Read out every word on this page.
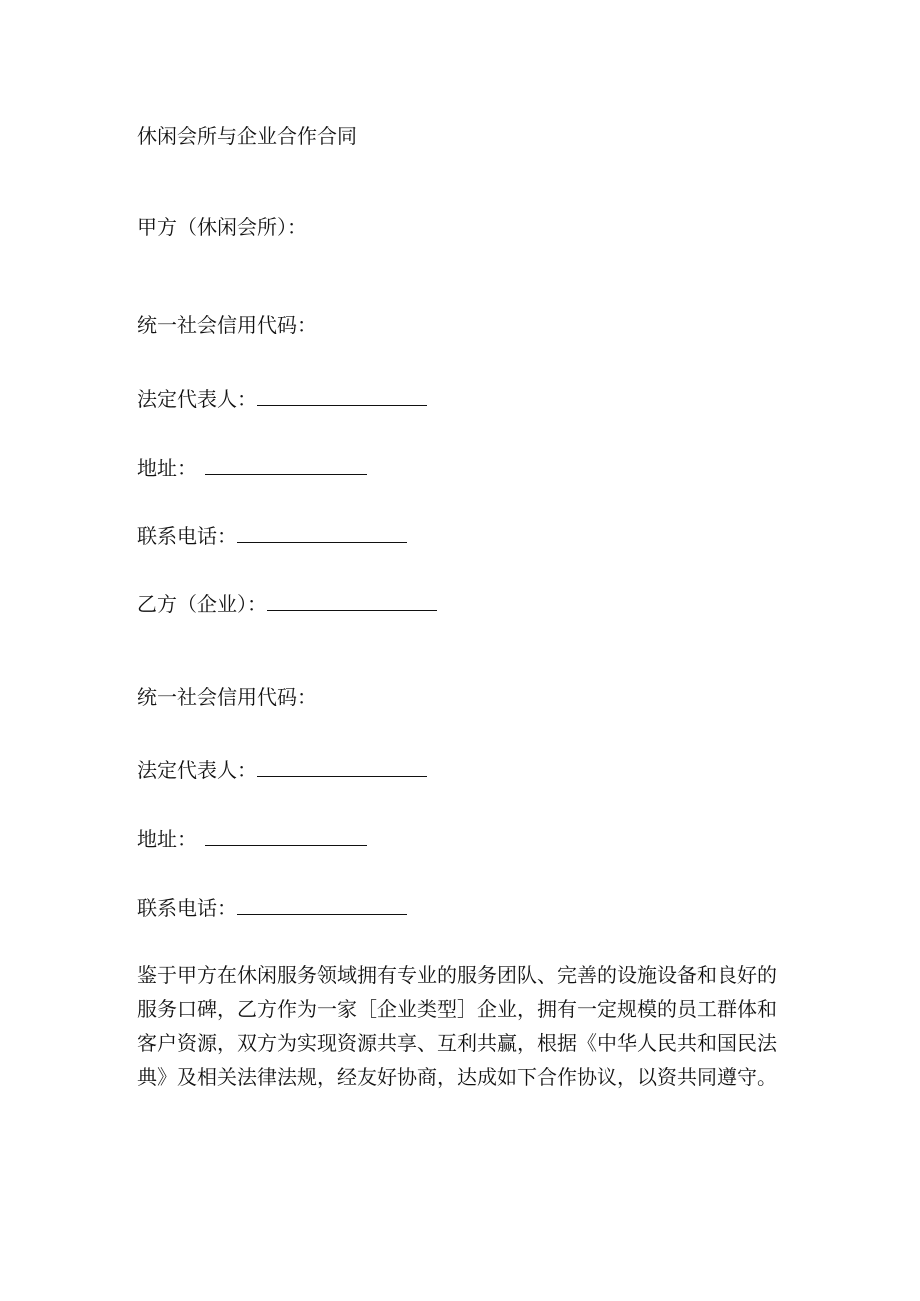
休闲会所与企业合作合同
甲方（休闲会所）：
统一社会信用代码：
法定代表人：
地址：
联系电话：
乙方（企业）：
统一社会信用代码：
法定代表人：
地址：
联系电话：
鉴于甲方在休闲服务领域拥有专业的服务团队、完善的设施设备和良好的
服务口碑，乙方作为一家［企业类型］企业，拥有一定规模的员工群体和
客户资源，双方为实现资源共享、互利共赢，根据《中华人民共和国民法
典》及相关法律法规，经友好协商，达成如下合作协议，以资共同遵守。
